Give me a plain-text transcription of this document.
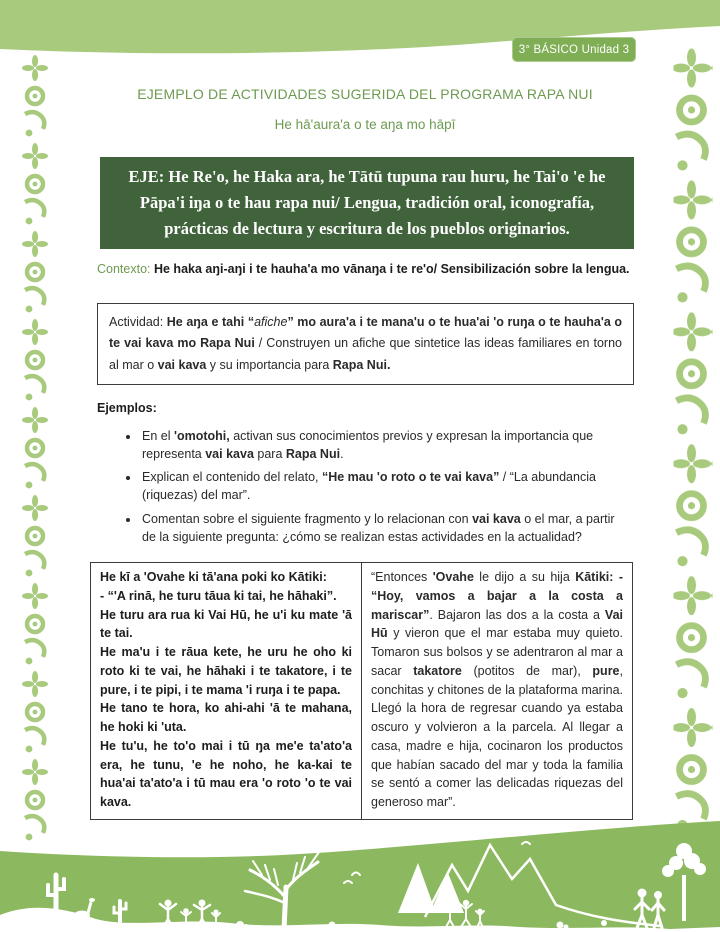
3° BÁSICO Unidad 3
EJEMPLO DE ACTIVIDADES SUGERIDA DEL PROGRAMA RAPA NUI
He hā'aura'a o te aŋa mo hāpī
EJE: He Re'o, he Haka ara, he Tātū tupuna rau huru, he Tai'o 'e he Pāpa'i iŋa o te hau rapa nui/ Lengua, tradición oral, iconografía, prácticas de lectura y escritura de los pueblos originarios.
Contexto: He haka aŋi-aŋi i te hauha'a mo vānaŋa i te re'o/ Sensibilización sobre la lengua.
Actividad: He aŋa e tahi “afiche” mo aura'a i te mana'u o te hua'ai 'o ruŋa o te hauha'a o te vai kava mo Rapa Nui / Construyen un afiche que sintetice las ideas familiares en torno al mar o vai kava y su importancia para Rapa Nui.
Ejemplos:
• En el 'omotohi, activan sus conocimientos previos y expresan la importancia que representa vai kava para Rapa Nui.
• Explican el contenido del relato, “He mau 'o roto o te vai kava” / “La abundancia (riquezas) del mar”.
• Comentan sobre el siguiente fragmento y lo relacionan con vai kava o el mar, a partir de la siguiente pregunta: ¿cómo se realizan estas actividades en la actualidad?
He kī a 'Ovahe ki tā'ana poki ko Kātiki:
- “'A rinā, he turu tāua ki tai, he hāhaki”.
He turu ara rua ki Vai Hū, he u'i ku mate 'ā te tai.
He ma'u i te rāua kete, he uru he oho ki roto ki te vai, he hāhaki i te takatore, i te pure, i te pipi, i te mama 'i ruŋa i te papa.
He tano te hora, ko ahi-ahi 'ā te mahana, he hoki ki 'uta.
He tu'u, he to'o mai i tū ŋa me'e ta'ato'a era, he tunu, 'e he noho, he ka-kai te hua'ai ta'ato'a i tū mau era 'o roto 'o te vai kava.
	“Entonces 'Ovahe le dijo a su hija Kātiki: - “Hoy, vamos a bajar a la costa a mariscar”. Bajaron las dos a la costa a Vai Hū y vieron que el mar estaba muy quieto. Tomaron sus bolsos y se adentraron al mar a sacar takatore (potitos de mar), pure, conchitas y chitones de la plataforma marina. Llegó la hora de regresar cuando ya estaba oscuro y volvieron a la parcela. Al llegar a casa, madre e hija, cocinaron los productos que habían sacado del mar y toda la familia se sentó a comer las delicadas riquezas del generoso mar”.
